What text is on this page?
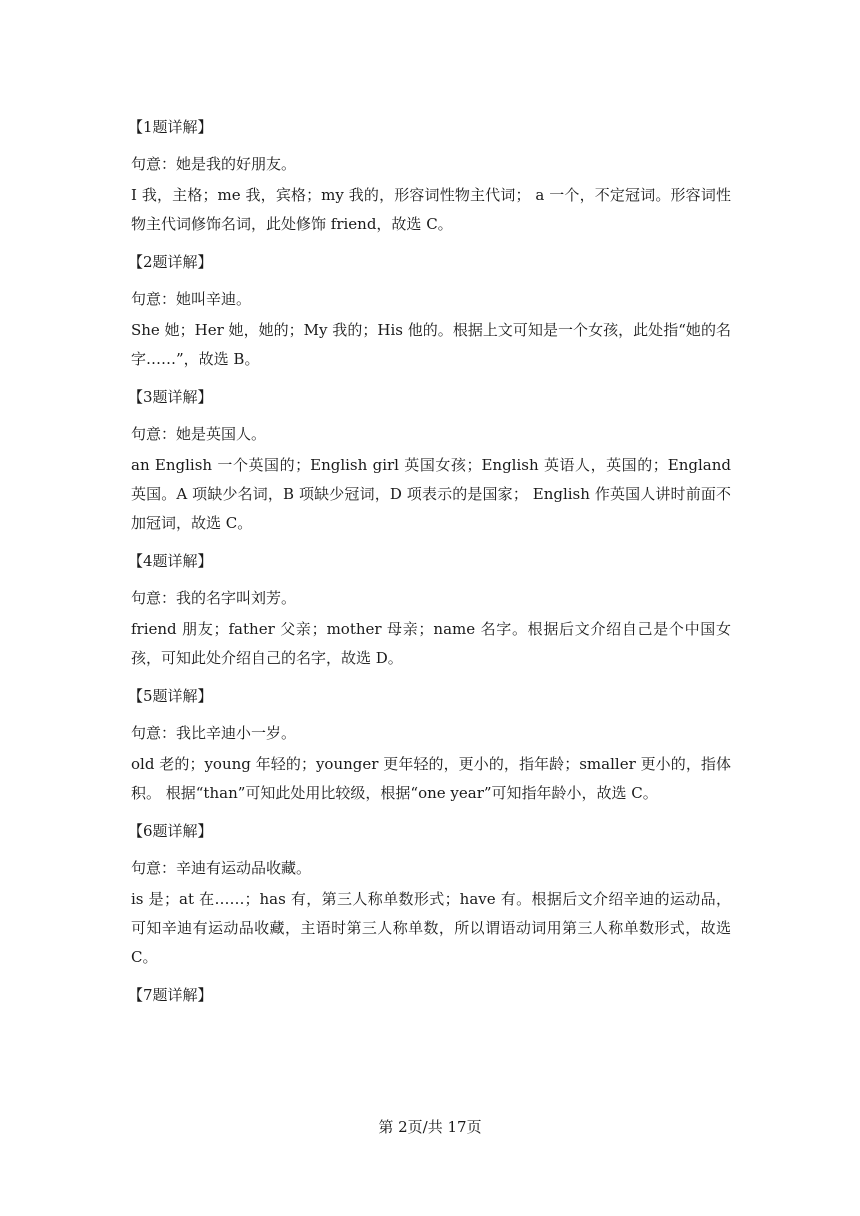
【1题详解】
句意：她是我的好朋友。
I 我，主格；me 我，宾格；my 我的，形容词性物主代词； a 一个，不定冠词。形容词性物主代词修饰名词，此处修饰 friend，故选 C。
【2题详解】
句意：她叫辛迪。
She 她；Her 她，她的；My 我的；His 他的。根据上文可知是一个女孩，此处指“她的名字……”，故选 B。
【3题详解】
句意：她是英国人。
an English 一个英国的；English girl 英国女孩；English 英语人，英国的；England 英国。A 项缺少名词，B 项缺少冠词，D 项表示的是国家； English 作英国人讲时前面不加冠词，故选 C。
【4题详解】
句意：我的名字叫刘芳。
friend 朋友；father 父亲；mother 母亲；name 名字。根据后文介绍自己是个中国女孩，可知此处介绍自己的名字，故选 D。
【5题详解】
句意：我比辛迪小一岁。
old 老的；young 年轻的；younger 更年轻的，更小的，指年龄；smaller 更小的，指体积。 根据“than”可知此处用比较级，根据“one year”可知指年龄小，故选 C。
【6题详解】
句意：辛迪有运动品收藏。
is 是；at 在……；has 有，第三人称单数形式；have 有。根据后文介绍辛迪的运动品，可知辛迪有运动品收藏，主语时第三人称单数，所以谓语动词用第三人称单数形式，故选 C。
【7题详解】
第 2页/共 17页
